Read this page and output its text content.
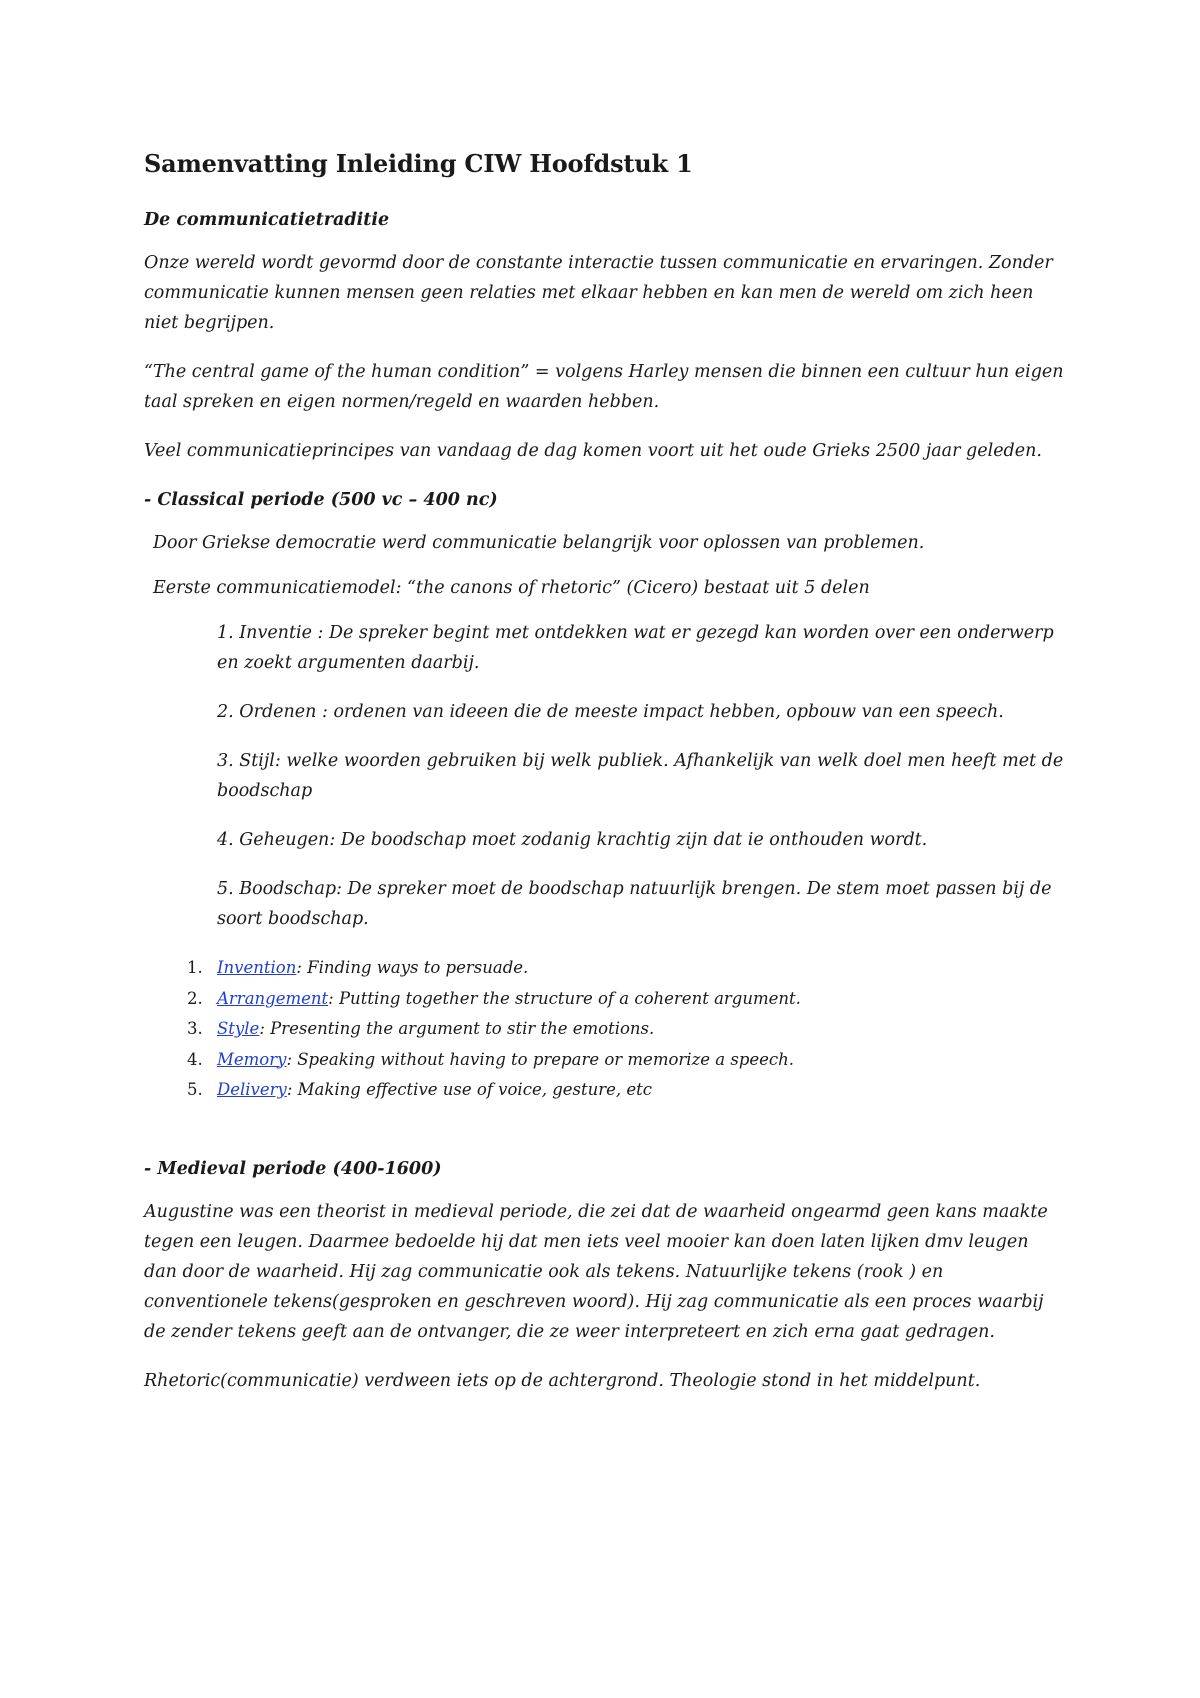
Samenvatting Inleiding CIW Hoofdstuk 1
De communicatietraditie
Onze wereld wordt gevormd door de constante interactie tussen communicatie en ervaringen. Zonder communicatie kunnen mensen geen relaties met elkaar hebben en kan men de wereld om zich heen niet begrijpen.
“The central game of the human condition” = volgens Harley mensen die binnen een cultuur hun eigen taal spreken en eigen normen/regeld en waarden hebben.
Veel communicatieprincipes van vandaag de dag komen voort uit het oude Grieks 2500 jaar geleden.
- Classical periode (500 vc – 400 nc)
Door Griekse democratie werd communicatie belangrijk voor oplossen van problemen.
Eerste communicatiemodel: “the canons of rhetoric” (Cicero) bestaat uit 5 delen
1. Inventie : De spreker begint met ontdekken wat er gezegd kan worden over een onderwerp en zoekt argumenten daarbij.
2. Ordenen : ordenen van ideeen die de meeste impact hebben, opbouw van een speech.
3. Stijl: welke woorden gebruiken bij welk publiek. Afhankelijk van welk doel men heeft met de boodschap
4. Geheugen: De boodschap moet zodanig krachtig zijn dat ie onthouden wordt.
5. Boodschap: De spreker moet de boodschap natuurlijk brengen. De stem moet passen bij de soort boodschap.
1. Invention: Finding ways to persuade.
2. Arrangement: Putting together the structure of a coherent argument.
3. Style: Presenting the argument to stir the emotions.
4. Memory: Speaking without having to prepare or memorize a speech.
5. Delivery: Making effective use of voice, gesture, etc
- Medieval periode (400-1600)
Augustine was een theorist in medieval periode, die zei dat de waarheid ongearmd geen kans maakte tegen een leugen. Daarmee bedoelde hij dat men iets veel mooier kan doen laten lijken dmv leugen dan door de waarheid. Hij zag communicatie ook als tekens. Natuurlijke tekens (rook ) en conventionele tekens(gesproken en geschreven woord). Hij zag communicatie als een proces waarbij de zender tekens geeft aan de ontvanger, die ze weer interpreteert en zich erna gaat gedragen.
Rhetoric(communicatie) verdween iets op de achtergrond. Theologie stond in het middelpunt.
